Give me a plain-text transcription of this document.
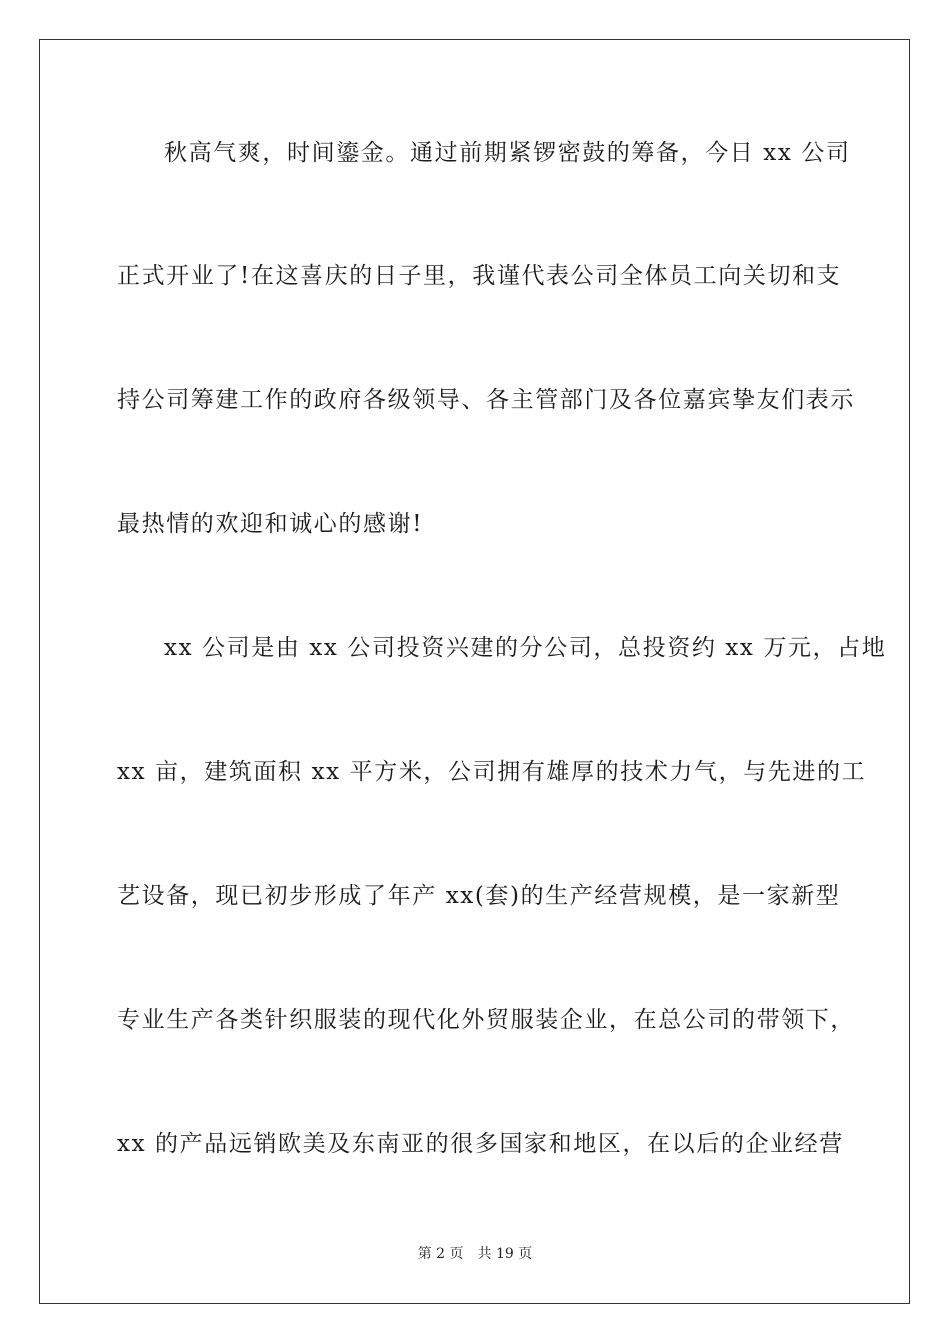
秋高气爽，时间鎏金。通过前期紧锣密鼓的筹备，今日 xx 公司
正式开业了!在这喜庆的日子里，我谨代表公司全体员工向关切和支
持公司筹建工作的政府各级领导、各主管部门及各位嘉宾挚友们表示
最热情的欢迎和诚心的感谢!
xx 公司是由 xx 公司投资兴建的分公司，总投资约 xx 万元，占地
xx 亩，建筑面积 xx 平方米，公司拥有雄厚的技术力气，与先进的工
艺设备，现已初步形成了年产 xx(套)的生产经营规模，是一家新型
专业生产各类针织服装的现代化外贸服装企业，在总公司的带领下，
xx 的产品远销欧美及东南亚的很多国家和地区，在以后的企业经营
第 2 页 共 19 页
